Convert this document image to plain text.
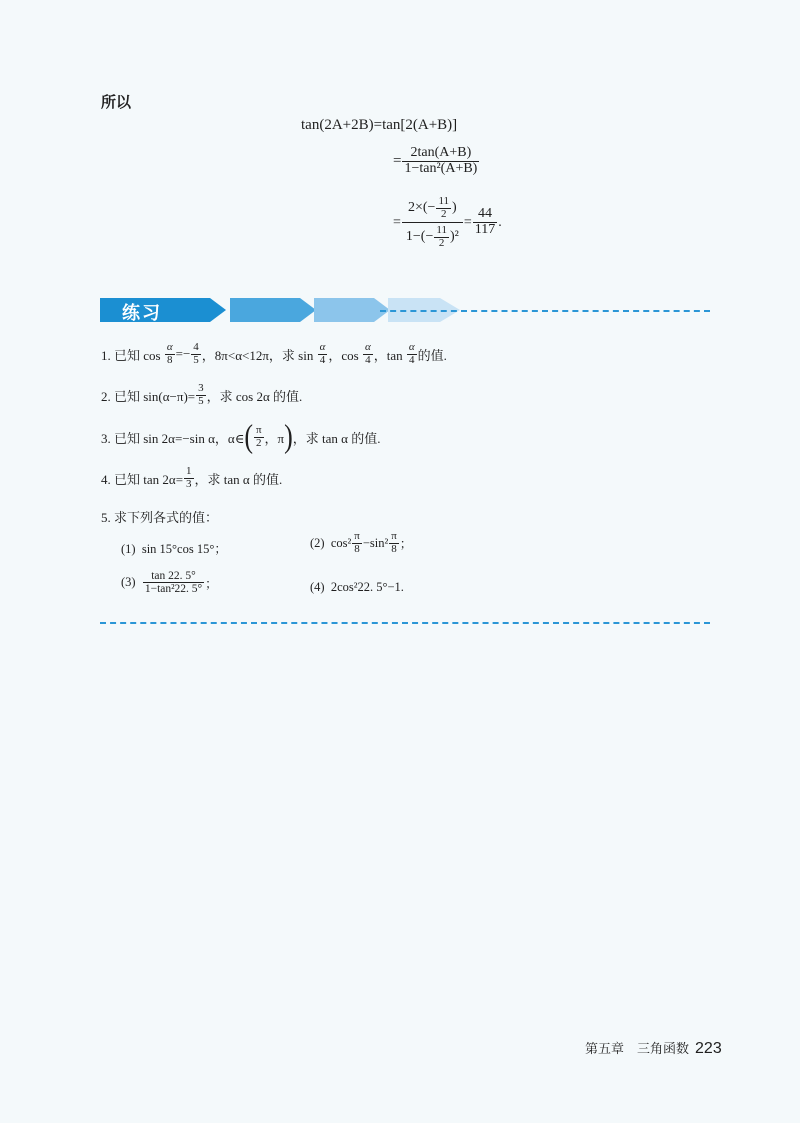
所以
tan(2A+2B)=tan[2(A+B)]
= $\frac{2\tan(A+B)}{\text{1−tan²(A+B)}}$
= $\frac{2\times(- \frac{11}{2} )}{1-(- \frac{11}{2} )^2} = \frac{44}{117}$ .
练习
1. 已知 $\cos \frac{\alpha}{8} =- \frac{4}{5}$ ，8π<α<12π，求 $\sin \frac{\alpha}{4}$ ，$\cos \frac{\alpha}{4}$ ，$\tan \frac{\alpha}{4}$ 的值.
2. 已知 $\sin(\alpha-\pi)= \frac{3}{5}$ ，求 cos 2α 的值.
3. 已知 sin 2α=−sin α，α∈ ( $\frac{\pi}{2}$ ，π ) ，求 tan α 的值.
4. 已知 $\tan 2\alpha= \frac{1}{3}$ ，求 tan α 的值.
5. 求下列各式的值：
(1)  sin 15°cos 15°；	(2)  $\cos^2 \frac{\pi}{8} -\sin^2 \frac{\pi}{8}$ ；
$(3) \frac{\tan 22. 5^\circ}{\text{1−tan²22. 5°}}$ ；	(4)  2cos²22. 5°−1.
第五章　三角函数 223
